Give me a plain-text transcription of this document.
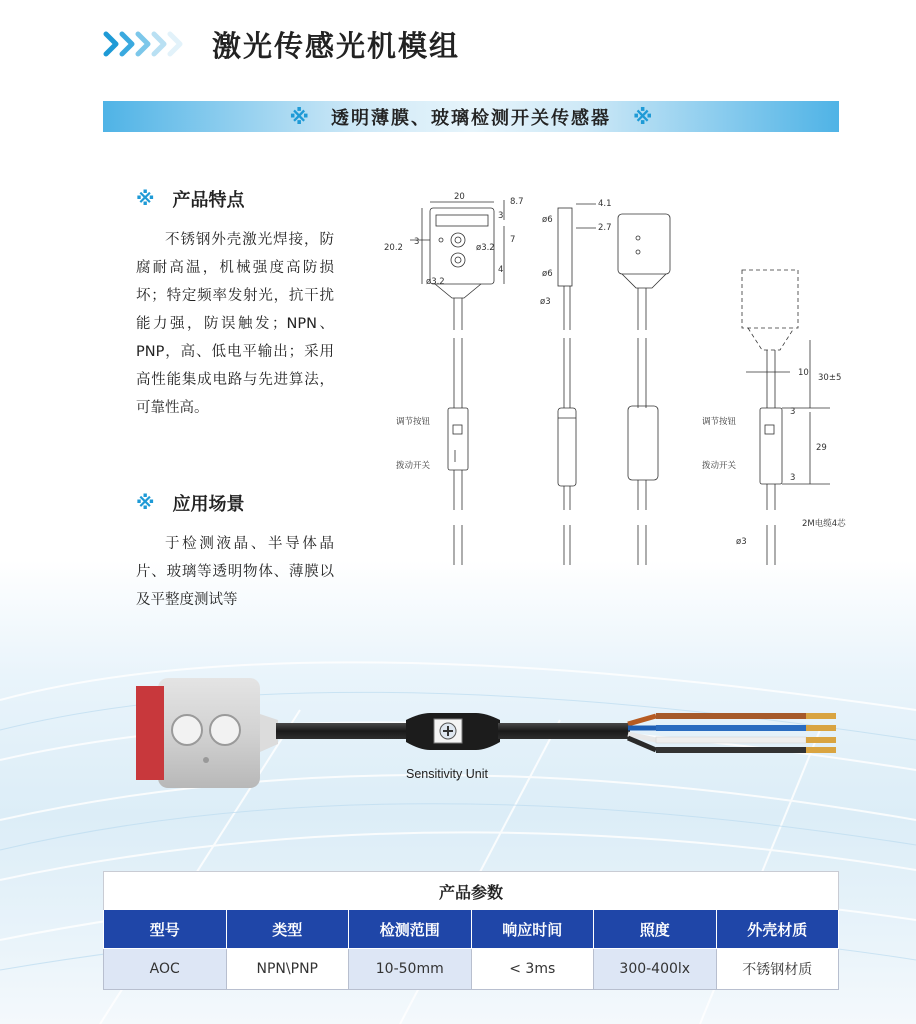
激光传感光机模组
※ 透明薄膜、玻璃检测开关传感器 ※
※ 产品特点
不锈钢外壳激光焊接，防腐耐高温，机械强度高防损坏；特定频率发射光，抗干扰能力强，防误触发；NPN、PNP，高、低电平输出；采用高性能集成电路与先进算法，可靠性高。
※ 应用场景
于检测液晶、半导体晶片、玻璃等透明物体、薄膜以及平整度测试等
20	8.7
20.2	ø3.2
ø3.2
3
3
7
4
4.1
2.7
ø6
ø6
ø3
ø3
10 30±5
29
3
3
调节按钮
拨动开关
调节按钮
拨动开关
2M电缆4芯
Sensitivity Unit
产品参数
型号	类型	检测范围	响应时间	照度	外壳材质
AOC	NPN\PNP	10-50mm	< 3ms	300-400lx	不锈钢材质
